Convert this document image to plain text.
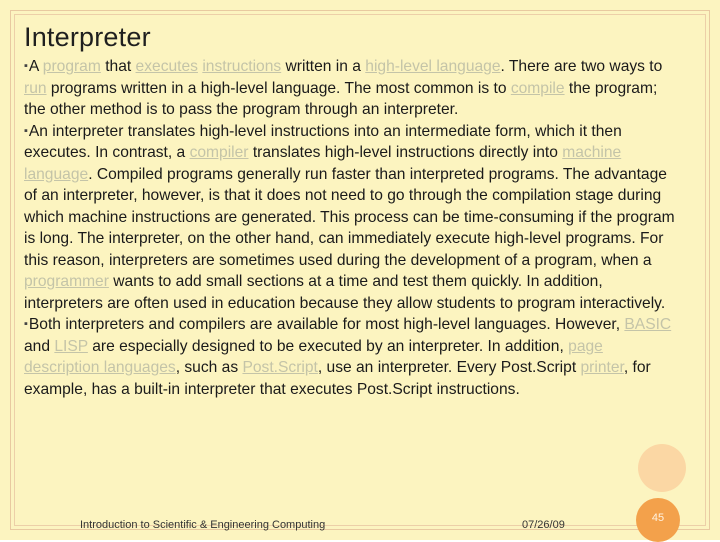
Interpreter

▪A program that executes instructions written in a high-level language. There are two ways to run programs written in a high-level language. The most common is to compile the program; the other method is to pass the program through an interpreter.

▪An interpreter translates high-level instructions into an intermediate form, which it then executes. In contrast, a compiler translates high-level instructions directly into machine language. Compiled programs generally run faster than interpreted programs. The advantage of an interpreter, however, is that it does not need to go through the compilation stage during which machine instructions are generated. This process can be time-consuming if the program is long. The interpreter, on the other hand, can immediately execute high-level programs. For this reason, interpreters are sometimes used during the development of a program, when a programmer wants to add small sections at a time and test them quickly. In addition, interpreters are often used in education because they allow students to program interactively.

▪Both interpreters and compilers are available for most high-level languages. However, BASIC and LISP are especially designed to be executed by an interpreter. In addition, page description languages, such as Post.Script, use an interpreter. Every Post.Script printer, for example, has a built-in interpreter that executes Post.Script instructions.

Introduction to Scientific & Engineering Computing	07/26/09
45
